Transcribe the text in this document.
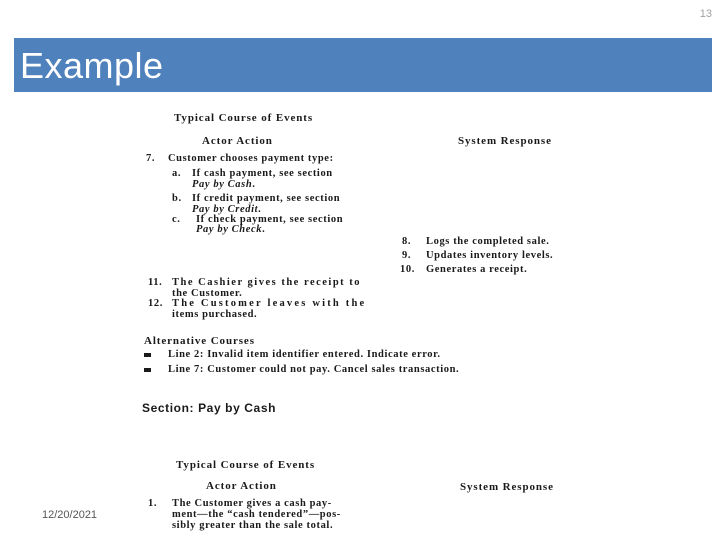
13
Example
Typical Course of Events
Actor Action	System Response
7. Customer chooses payment type:
a. If cash payment, see section
Pay by Cash.
b. If credit payment, see section
Pay by Credit.
c. If check payment, see section
Pay by Check.
8. Logs the completed sale.
9. Updates inventory levels.
10. Generates a receipt.
11. The Cashier gives the receipt to
the Customer.
12. The Customer leaves with the
items purchased.
Alternative Courses
Line 2: Invalid item identifier entered. Indicate error.
Line 7: Customer could not pay. Cancel sales transaction.
Section: Pay by Cash
Typical Course of Events
Actor Action	System Response
1. The Customer gives a cash pay-
ment—the “cash tendered”—pos-
sibly greater than the sale total.
12/20/2021
